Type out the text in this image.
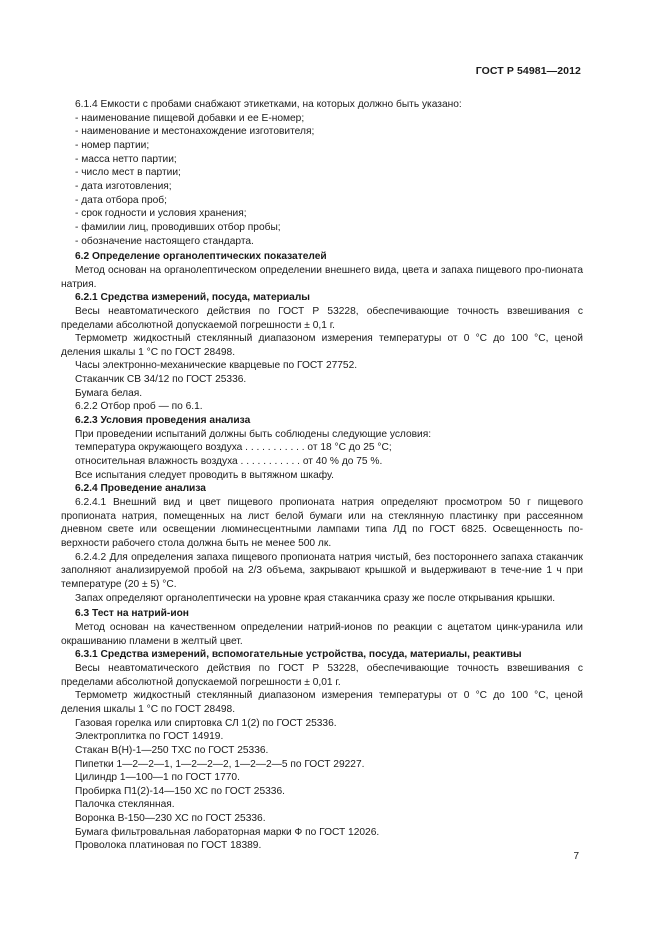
ГОСТ Р 54981—2012

6.1.4 Емкости с пробами снабжают этикетками, на которых должно быть указано:

- наименование пищевой добавки и ее Е-номер;

- наименование и местонахождение изготовителя;

- номер партии;

- масса нетто партии;

- число мест в партии;

- дата изготовления;

- дата отбора проб;

- срок годности и условия хранения;

- фамилии лиц, проводивших отбор пробы;

- обозначение настоящего стандарта.

6.2 Определение органолептических показателей

Метод основан на органолептическом определении внешнего вида, цвета и запаха пищевого про-пионата натрия.

6.2.1 Средства измерений, посуда, материалы

Весы неавтоматического действия по ГОСТ Р 53228, обеспечивающие точность взвешивания с пределами абсолютной допускаемой погрешности ± 0,1 г.

Термометр жидкостный стеклянный диапазоном измерения температуры от 0 °С до 100 °С, ценой деления шкалы 1 °С по ГОСТ 28498.

Часы электронно-механические кварцевые по ГОСТ 27752.

Стаканчик СВ 34/12 по ГОСТ 25336.

Бумага белая.

6.2.2 Отбор проб — по 6.1.

6.2.3 Условия проведения анализа

При проведении испытаний должны быть соблюдены следующие условия:

температура окружающего воздуха . . . . . . . . . . . от 18 °С до 25 °С;

относительная влажность воздуха . . . . . . . . . . . от 40 % до 75 %.

Все испытания следует проводить в вытяжном шкафу.

6.2.4 Проведение анализа

6.2.4.1 Внешний вид и цвет пищевого пропионата натрия определяют просмотром 50 г пищевого пропионата натрия, помещенных на лист белой бумаги или на стеклянную пластинку при рассеянном дневном свете или освещении люминесцентными лампами типа ЛД по ГОСТ 6825. Освещенность по-верхности рабочего стола должна быть не менее 500 лк.

6.2.4.2 Для определения запаха пищевого пропионата натрия чистый, без постороннего запаха стаканчик заполняют анализируемой пробой на 2/3 объема, закрывают крышкой и выдерживают в тече-ние 1 ч при температуре (20 ± 5) °С.

Запах определяют органолептически на уровне края стаканчика сразу же после открывания крышки.

6.3 Тест на натрий-ион

Метод основан на качественном определении натрий-ионов по реакции с ацетатом цинк-уранила или окрашиванию пламени в желтый цвет.

6.3.1 Средства измерений, вспомогательные устройства, посуда, материалы, реактивы

Весы неавтоматического действия по ГОСТ Р 53228, обеспечивающие точность взвешивания с пределами абсолютной допускаемой погрешности ± 0,01 г.

Термометр жидкостный стеклянный диапазоном измерения температуры от 0 °С до 100 °С, ценой деления шкалы 1 °С по ГОСТ 28498.

Газовая горелка или спиртовка СЛ 1(2) по ГОСТ 25336.

Электроплитка по ГОСТ 14919.

Стакан В(Н)-1—250 ТХС по ГОСТ 25336.

Пипетки 1—2—2—1, 1—2—2—2, 1—2—2—5 по ГОСТ 29227.

Цилиндр 1—100—1 по ГОСТ 1770.

Пробирка П1(2)-14—150 ХС по ГОСТ 25336.

Палочка стеклянная.

Воронка В-150—230 ХС по ГОСТ 25336.

Бумага фильтровальная лабораторная марки Ф по ГОСТ 12026.

Проволока платиновая по ГОСТ 18389.

7
